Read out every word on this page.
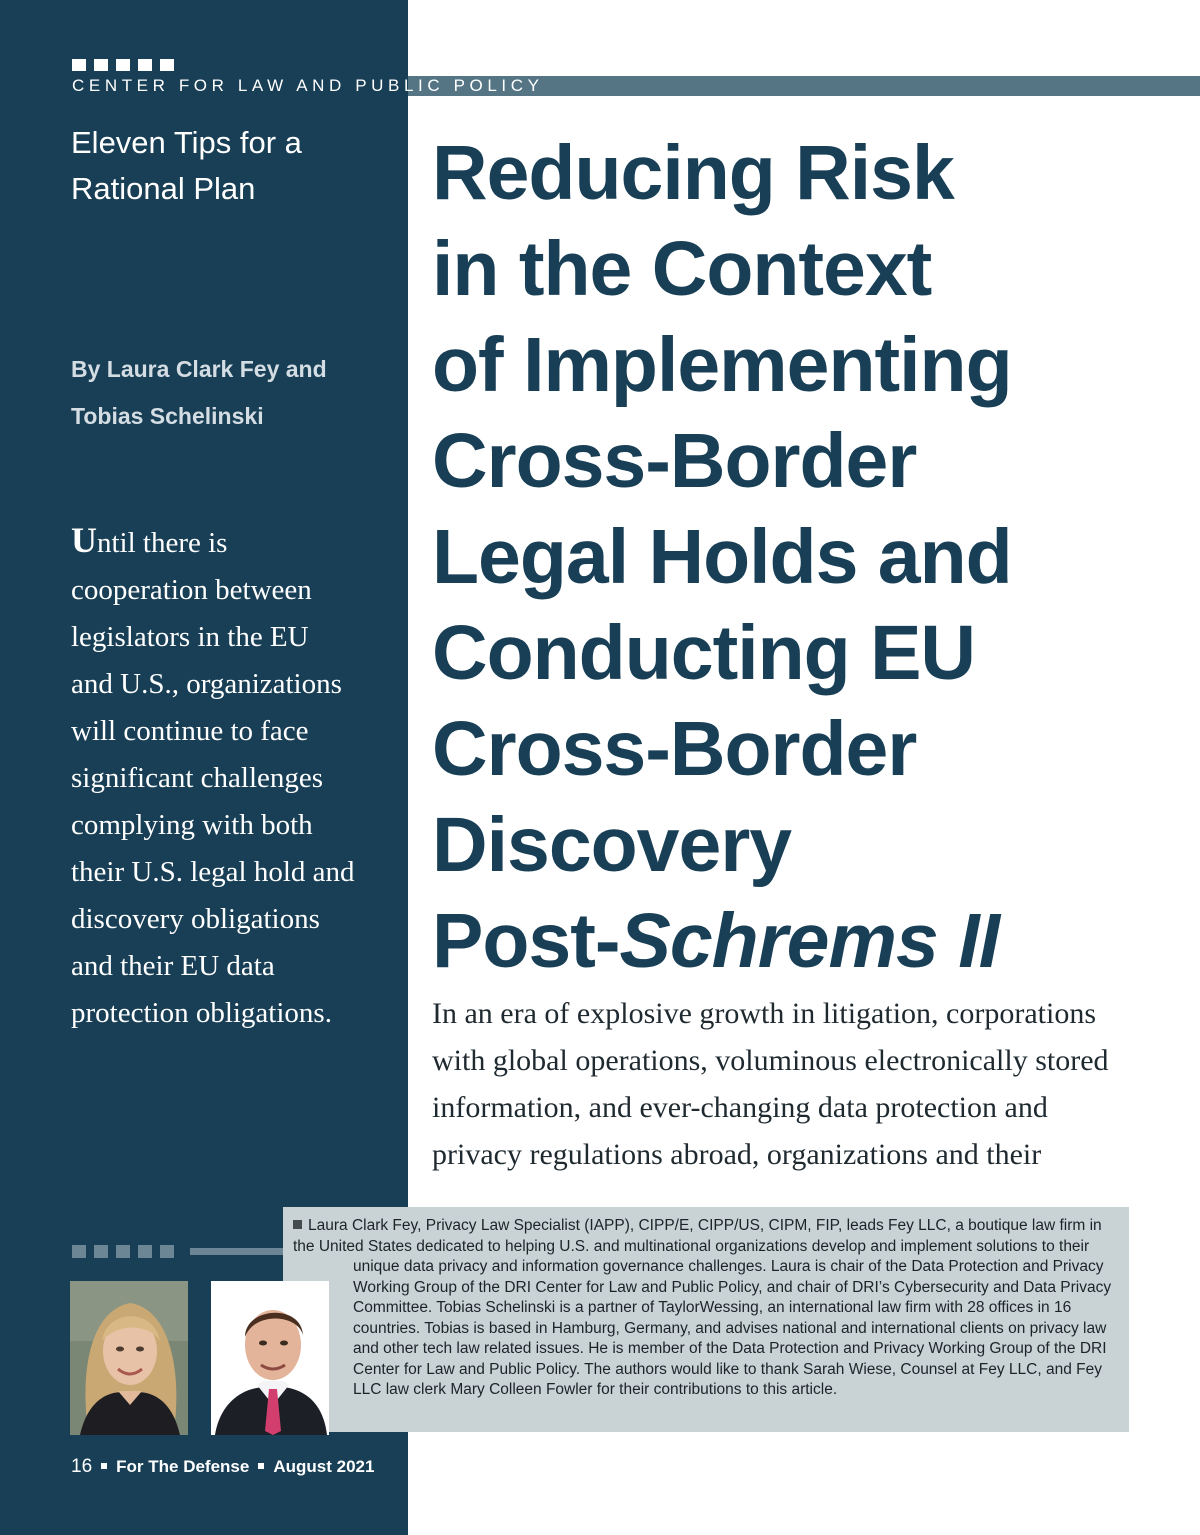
CENTER FOR LAW AND PUBLIC POLICY
Eleven Tips for a
Rational Plan
By Laura Clark Fey and
Tobias Schelinski
Until there is
cooperation between
legislators in the EU
and U.S., organizations
will continue to face
significant challenges
complying with both
their U.S. legal hold and
discovery obligations
and their EU data
protection obligations.
Reducing Risk
in the Context
of Implementing
Cross-Border
Legal Holds and
Conducting EU
Cross-Border
Discovery
Post-Schrems II
In an era of explosive growth in litigation, corporations
with global operations, voluminous electronically stored
information, and ever-changing data protection and
privacy regulations abroad, organizations and their
Laura Clark Fey, Privacy Law Specialist (IAPP), CIPP/E, CIPP/US, CIPM, FIP, leads Fey LLC, a boutique law firm in
the United States dedicated to helping U.S. and multinational organizations develop and implement solutions to their
unique data privacy and information governance challenges. Laura is chair of the Data Protection and Privacy
Working Group of the DRI Center for Law and Public Policy, and chair of DRI’s Cybersecurity and Data Privacy
Committee. Tobias Schelinski is a partner of TaylorWessing, an international law firm with 28 offices in 16
countries. Tobias is based in Hamburg, Germany, and advises national and international clients on privacy law
and other tech law related issues. He is member of the Data Protection and Privacy Working Group of the DRI
Center for Law and Public Policy. The authors would like to thank Sarah Wiese, Counsel at Fey LLC, and Fey
LLC law clerk Mary Colleen Fowler for their contributions to this article.
16 For The Defense August 2021
